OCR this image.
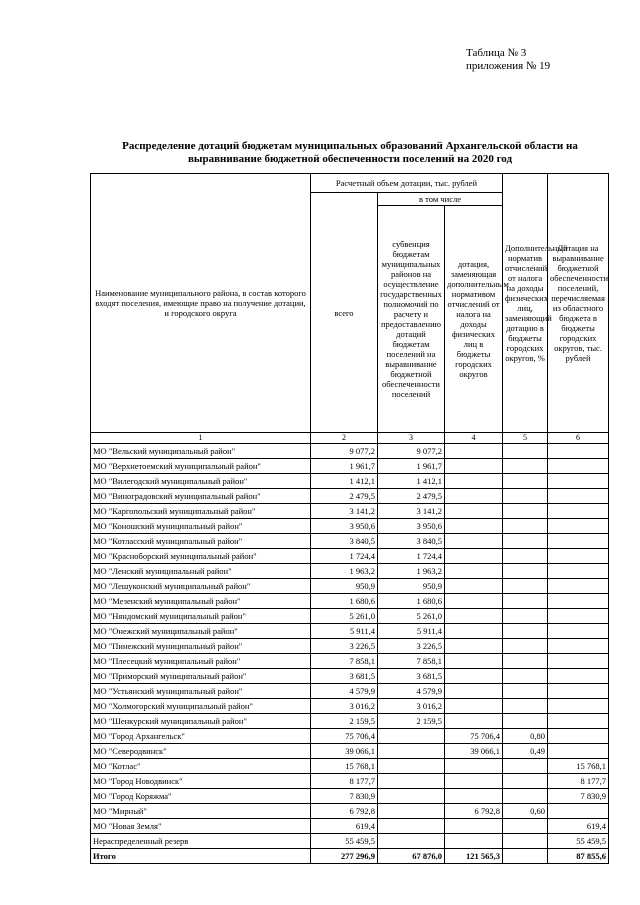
Таблица № 3
приложения № 19
Распределение дотаций бюджетам муниципальных образований Архангельской области на
выравнивание бюджетной обеспеченности поселений на 2020 год
Наименование муниципального района, в состав которого входят поселения, имеющие право на получение дотации, и городского округа	Расчетный объем дотации, тыс. рублей			Дополнительный норматив отчислений от налога на доходы физических лиц, заменяющий дотацию в бюджеты городских округов, %	Дотация на выравнивание бюджетной обеспеченности поселений, перечисляемая из областного бюджета в бюджеты городских округов, тыс. рублей
	всего	в том числе			
		субвенция бюджетам муниципальных районов на осуществление государственных полномочий по расчету и предоставлению дотаций бюджетам поселений на выравнивание бюджетной обеспеченности поселений	дотация, заменяющая дополнительным нормативом отчислений от налога на доходы физических лиц в бюджеты городских округов		
1	2	3	4	5	6
МО "Вельский муниципальный район"	9 077,2	9 077,2			
МО "Верхнетоемский муниципальный район"	1 961,7	1 961,7			
МО "Вилегодский муниципальный район"	1 412,1	1 412,1			
МО "Виноградовский муниципальный район"	2 479,5	2 479,5			
МО "Каргопольский муниципальный район"	3 141,2	3 141,2			
МО "Коношский муниципальный район"	3 950,6	3 950,6			
МО "Котласский муниципальный район"	3 840,5	3 840,5			
МО "Красноборский муниципальный район"	1 724,4	1 724,4			
МО "Ленский муниципальный район"	1 963,2	1 963,2			
МО "Лешуконский муниципальный район"	950,9	950,9			
МО "Мезенский муниципальный район"	1 680,6	1 680,6			
МО "Няндомский муниципальный район"	5 261,0	5 261,0			
МО "Онежский муниципальный район"	5 911,4	5 911,4			
МО "Пинежский муниципальный район"	3 226,5	3 226,5			
МО "Плесецкий муниципальный район"	7 858,1	7 858,1			
МО "Приморский муниципальный район"	3 681,5	3 681,5			
МО "Устьянский муниципальный район"	4 579,9	4 579,9			
МО "Холмогорский муниципальный район"	3 016,2	3 016,2			
МО "Шенкурский муниципальный район"	2 159,5	2 159,5			
МО "Город Архангельск"	75 706,4		75 706,4	0,80	
МО "Северодвинск"	39 066,1		39 066,1	0,49	
МО "Котлас"	15 768,1				15 768,1
МО "Город Новодвинск"	8 177,7				8 177,7
МО "Город Коряжма"	7 830,9				7 830,9
МО "Мирный"	6 792,8		6 792,8	0,60	
МО "Новая Земля"	619,4				619,4
Нераспределенный резерв	55 459,5				55 459,5
Итого	277 296,9	67 876,0	121 565,3		87 855,6
